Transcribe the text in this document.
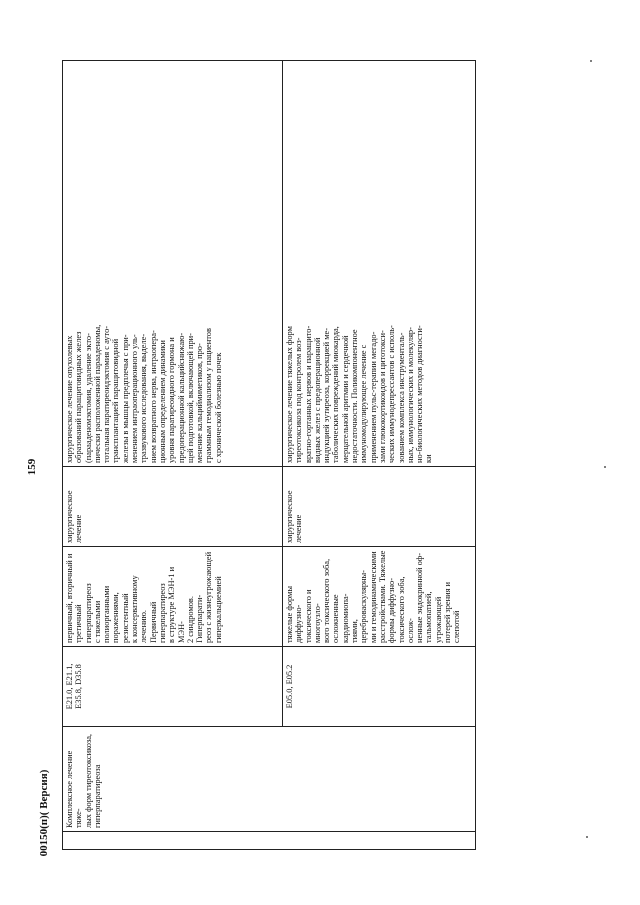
159
Комплексное лечение тяже-
лых форм тиреотоксикоза,
гиперпаратиреоза
E21.0, E21.1,
E35.8, D35.8
первичный, вторичный и
третичный гиперпаратиреоз
с тяжелыми полиорганными
поражениями, резистентный
к консервативному лечению.
Первичный гиперпаратиреоз
в структуре МЭН-1 и МЭН-
2 синдромов. Гиперпарати-
реоз с жизнеугрожающей
гиперкальциемией
хирургическое
лечение
хирургическое лечение опухолевых
образований паращитовидных желез
(парааденомэктомия, удаление экто-
пически расположенной парааденомы,
тотальная паратиреоидэктомия с ауто-
трансплантацией паращитовидной
железы в мышцы предплечья с при-
менением интраоперационного уль-
тразвукового исследования, выделе-
нием возвратного нерва, интраопера-
ционным определением динамики
уровня паратиреоидного гормона и
предоперационной кальцийснижаю-
щей подготовкой, включающей при-
менение кальциймиметиков, про-
граммным гемодиализом у пациентов
с хронической болезнью почек
E05.0, E05.2
тяжелые формы диффузно-
токсического и многоузло-
вого токсического зоба,
осложненные кардиомиопа-
тиями, цереброваскулярны-
ми и гемодинамическими
расстройствами. Тяжелые
формы диффузно-
токсического зоба, ослож-
ненные эндокринной оф-
тальмопатией, угрожающей
потерей зрения и слепотой
хирургическое
лечение
хирургическое лечение тяжелых форм
тиреотоксикоза под контролем воз-
вратно-гортанных нервов и паращито-
видных желез с предоперационной
индукцией эутиреоза, коррекцией ме-
таболических повреждений миокарда,
мерцательной аритмии и сердечной
недостаточности. Поликомпонентное
иммуномодулирующее лечение с
применением пульс-терапии мегадо-
зами глюкокортикоидов и цитотокси-
ческих иммунодепрессантов с исполь-
зованием комплекса инструменталь-
ных, иммунологических и молекуляр-
но-биологических методов диагности-
ки
00150(п)( Версия)
